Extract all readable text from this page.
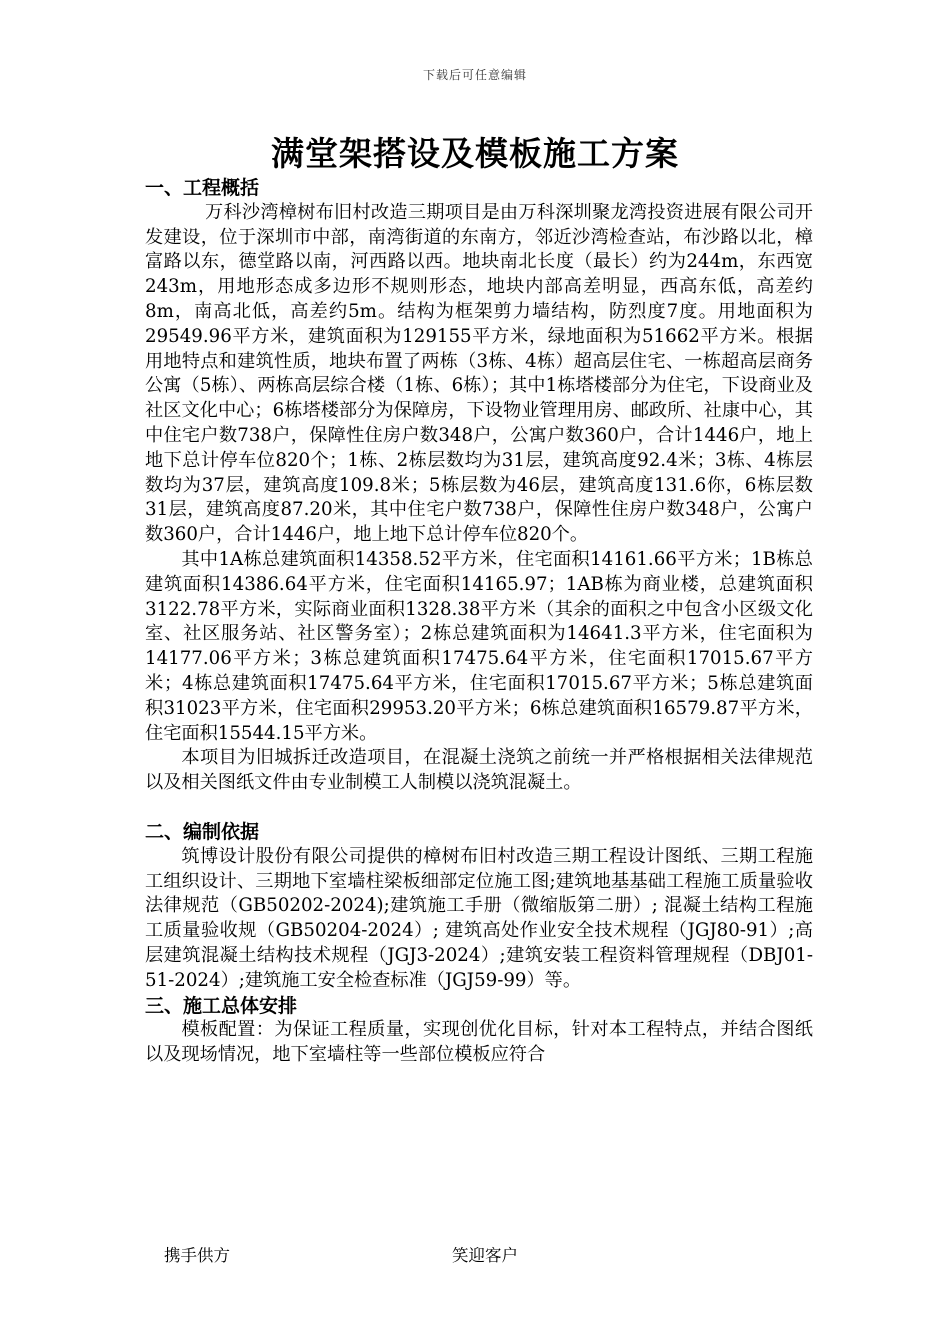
下载后可任意编辑
满堂架搭设及模板施工方案
一、工程概括

万科沙湾樟树布旧村改造三期项目是由万科深圳聚龙湾投资进展有限公司开发建设，位于深圳市中部，南湾街道的东南方，邻近沙湾检查站，布沙路以北，樟富路以东，德堂路以南，河西路以西。地块南北长度（最长）约为244m，东西宽243m，用地形态成多边形不规则形态，地块内部高差明显，西高东低，高差约8m，南高北低，高差约5m。结构为框架剪力墙结构，防烈度7度。用地面积为29549.96平方米，建筑面积为129155平方米，绿地面积为51662平方米。根据用地特点和建筑性质，地块布置了两栋（3栋、4栋）超高层住宅、一栋超高层商务公寓（5栋）、两栋高层综合楼（1栋、6栋）；其中1栋塔楼部分为住宅，下设商业及社区文化中心；6栋塔楼部分为保障房，下设物业管理用房、邮政所、社康中心，其中住宅户数738户，保障性住房户数348户，公寓户数360户，合计1446户，地上地下总计停车位820个；1栋、2栋层数均为31层，建筑高度92.4米；3栋、4栋层数均为37层，建筑高度109.8米；5栋层数为46层，建筑高度131.6你，6栋层数31层，建筑高度87.20米，其中住宅户数738户，保障性住房户数348户，公寓户数360户，合计1446户，地上地下总计停车位820个。

其中1A栋总建筑面积14358.52平方米，住宅面积14161.66平方米；1B栋总建筑面积14386.64平方米，住宅面积14165.97；1AB栋为商业楼，总建筑面积3122.78平方米，实际商业面积1328.38平方米（其余的面积之中包含小区级文化室、社区服务站、社区警务室）；2栋总建筑面积为14641.3平方米，住宅面积为14177.06平方米；3栋总建筑面积17475.64平方米，住宅面积17015.67平方米；4栋总建筑面积17475.64平方米，住宅面积17015.67平方米；5栋总建筑面积31023平方米，住宅面积29953.20平方米；6栋总建筑面积16579.87平方米，住宅面积15544.15平方米。

本项目为旧城拆迁改造项目，在混凝土浇筑之前统一并严格根据相关法律规范以及相关图纸文件由专业制模工人制模以浇筑混凝土。

二、编制依据

筑博设计股份有限公司提供的樟树布旧村改造三期工程设计图纸、三期工程施工组织设计、三期地下室墙柱梁板细部定位施工图;建筑地基基础工程施工质量验收法律规范（GB50202-2024);建筑施工手册（微缩版第二册）; 混凝土结构工程施工质量验收规（GB50204-2024）; 建筑高处作业安全技术规程（JGJ80-91）;高层建筑混凝土结构技术规程（JGJ3-2024）;建筑安装工程资料管理规程（DBJ01-51-2024）;建筑施工安全检查标准（JGJ59-99）等。

三、施工总体安排

模板配置：为保证工程质量，实现创优化目标，针对本工程特点，并结合图纸以及现场情况，地下室墙柱等一些部位模板应符合

携手供方	笑迎客户
